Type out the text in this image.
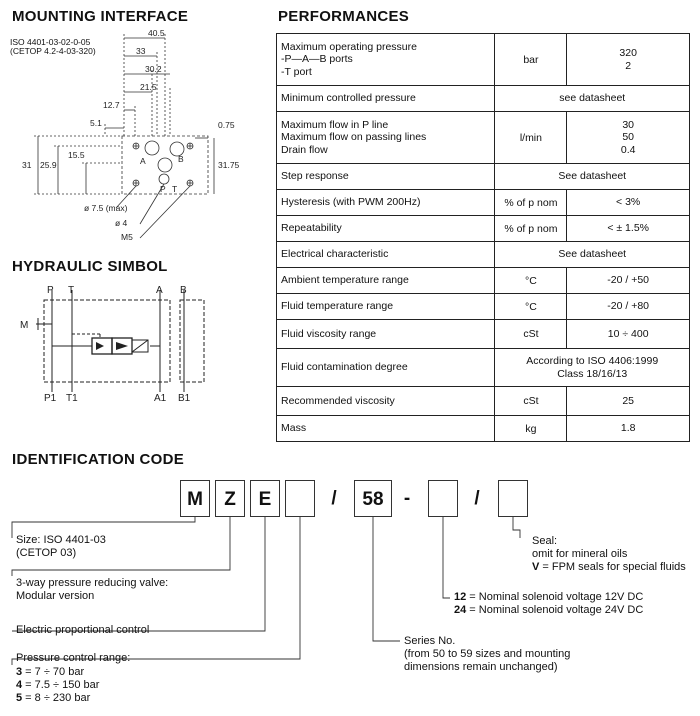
MOUNTING INTERFACE	PERFORMANCES
HYDRAULIC SIMBOL
IDENTIFICATION CODE
ISO 4401-03-02-0-05
(CETOP 4.2-4-03-320)
40.5
33
30.2
21.5
12.7
5.1	0.75
31 25.9
15.5
31.75
A	B
P T
ø 7.5 (max)
ø 4
M5
P T	A B
M
P1 T1	A1 B1
Maximum operating pressure
-P—A—B ports
-T port	bar	320
2
Minimum controlled pressure	see datasheet	
Maximum flow in P line
Maximum flow on passing lines
Drain flow	l/min	30
50
0.4
Step response	See datasheet	
Hysteresis (with PWM 200Hz)	% of p nom	< 3%
Repeatability	% of p nom	< ± 1.5%
Electrical characteristic	See datasheet	
Ambient temperature range	°C	-20 / +50
Fluid temperature range	°C	-20 / +80
Fluid viscosity range	cSt	10 ÷ 400
Fluid contamination degree	According to ISO 4406:1999
Class 18/16/13	
Recommended viscosity	cSt	25
Mass	kg	1.8
M	Z	E	/	58	-	/
Size: ISO 4401-03
(CETOP 03)
3-way pressure reducing valve:
Modular version
Electric proportional control
Pressure control range:
3 = 7 ÷ 70 bar
4 = 7.5 ÷ 150 bar
5 = 8 ÷ 230 bar
Series No.
(from 50 to 59 sizes and mounting
dimensions remain unchanged)
12 = Nominal solenoid voltage 12V DC
24 = Nominal solenoid voltage 24V DC
Seal:
omit for mineral oils
V = FPM seals for special fluids
